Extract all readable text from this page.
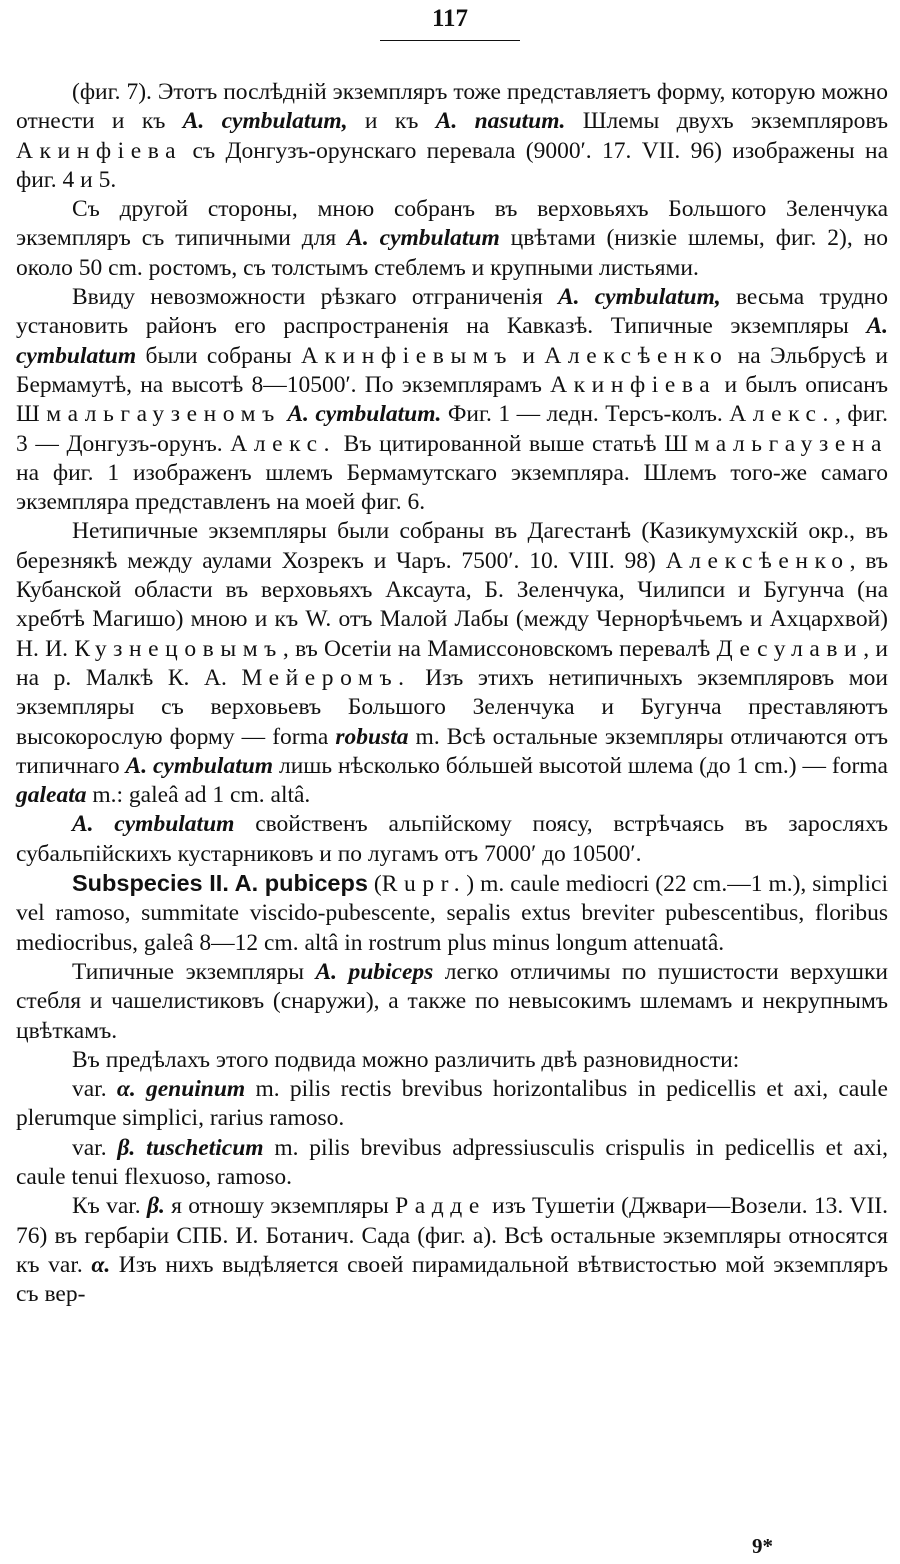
117

(фиг. 7). Этотъ послѣдній экземпляръ тоже представляетъ форму, которую можно отнести и къ A. cymbulatum, и къ A. nasutum. Шлемы двухъ экземпляровъ Акинфіева съ Донгузъ-орунскаго перевала (9000′. 17. VII. 96) изображены на фиг. 4 и 5.

Съ другой стороны, мною собранъ въ верховьяхъ Большого Зеленчука экземпляръ съ типичными для A. cymbulatum цвѣтами (низкіе шлемы, фиг. 2), но около 50 cm. ростомъ, съ толстымъ стеблемъ и крупными листьями.

Ввиду невозможности рѣзкаго отграниченія A. cymbulatum, весьма трудно установить районъ его распространенія на Кавказѣ. Типичные экземпляры A. cymbulatum были собраны Акинфіевымъ и Алексѣенко на Эльбрусѣ и Бермамутѣ, на высотѣ 8—10500′. По экземплярамъ Акинфіева и былъ описанъ Шмальгаузеномъ A. cymbulatum. Фиг. 1 — ледн. Терсъ-колъ. Алекс., фиг. 3 — Донгузъ-орунъ. Алекс. Въ цитированной выше статьѣ Шмальгаузена на фиг. 1 изображенъ шлемъ Бермамутскаго экземпляра. Шлемъ того-же самаго экземпляра представленъ на моей фиг. 6.

Нетипичные экземпляры были собраны въ Дагестанѣ (Казикумухскій окр., въ березнякѣ между аулами Хозрекъ и Чаръ. 7500′. 10. VIII. 98) Алексѣенко, въ Кубанской области въ верховьяхъ Аксаута, Б. Зеленчука, Чилипси и Бугунча (на хребтѣ Магишо) мною и къ W. отъ Малой Лабы (между Чернорѣчьемъ и Ахцархвой) Н. И. Кузнецовымъ, въ Осетіи на Мамиссоновскомъ перевалѣ Десулави, и на р. Малкѣ К. А. Мейеромъ. Изъ этихъ нетипичныхъ экземпляровъ мои экземпляры съ верховьевъ Большого Зеленчука и Бугунча преставляютъ высокорослую форму — forma robusta m. Всѣ остальные экземпляры отличаются отъ типичнаго A. cymbulatum лишь нѣсколько бóльшей высотой шлема (до 1 cm.) — forma galeata m.: galeâ ad 1 cm. altâ.

A. cymbulatum свойственъ альпійскому поясу, встрѣчаясь въ заросляхъ субальпійскихъ кустарниковъ и по лугамъ отъ 7000′ до 10500′.

Subspecies II. A. pubiceps (Rupr.) m. caule mediocri (22 cm.—1 m.), simplici vel ramoso, summitate viscido-pubescente, sepalis extus breviter pubescentibus, floribus mediocribus, galeâ 8—12 cm. altâ in rostrum plus minus longum attenuatâ.

Типичные экземпляры A. pubiceps легко отличимы по пушистости верхушки стебля и чашелистиковъ (снаружи), а также по невысокимъ шлемамъ и некрупнымъ цвѣткамъ.

Въ предѣлахъ этого подвида можно различить двѣ разновидности:

var. α. genuinum m. pilis rectis brevibus horizontalibus in pedicellis et axi, caule plerumque simplici, rarius ramoso.

var. β. tuscheticum m. pilis brevibus adpressiusculis crispulis in pedicellis et axi, caule tenui flexuoso, ramoso.

Къ var. β. я отношу экземпляры Радде изъ Тушетіи (Джвари—Возели. 13. VII. 76) въ гербаріи СПБ. И. Ботанич. Сада (фиг. а). Всѣ остальные экземпляры относятся къ var. α. Изъ нихъ выдѣляется своей пирамидальной вѣтвистостью мой экземпляръ съ вер-

9*
